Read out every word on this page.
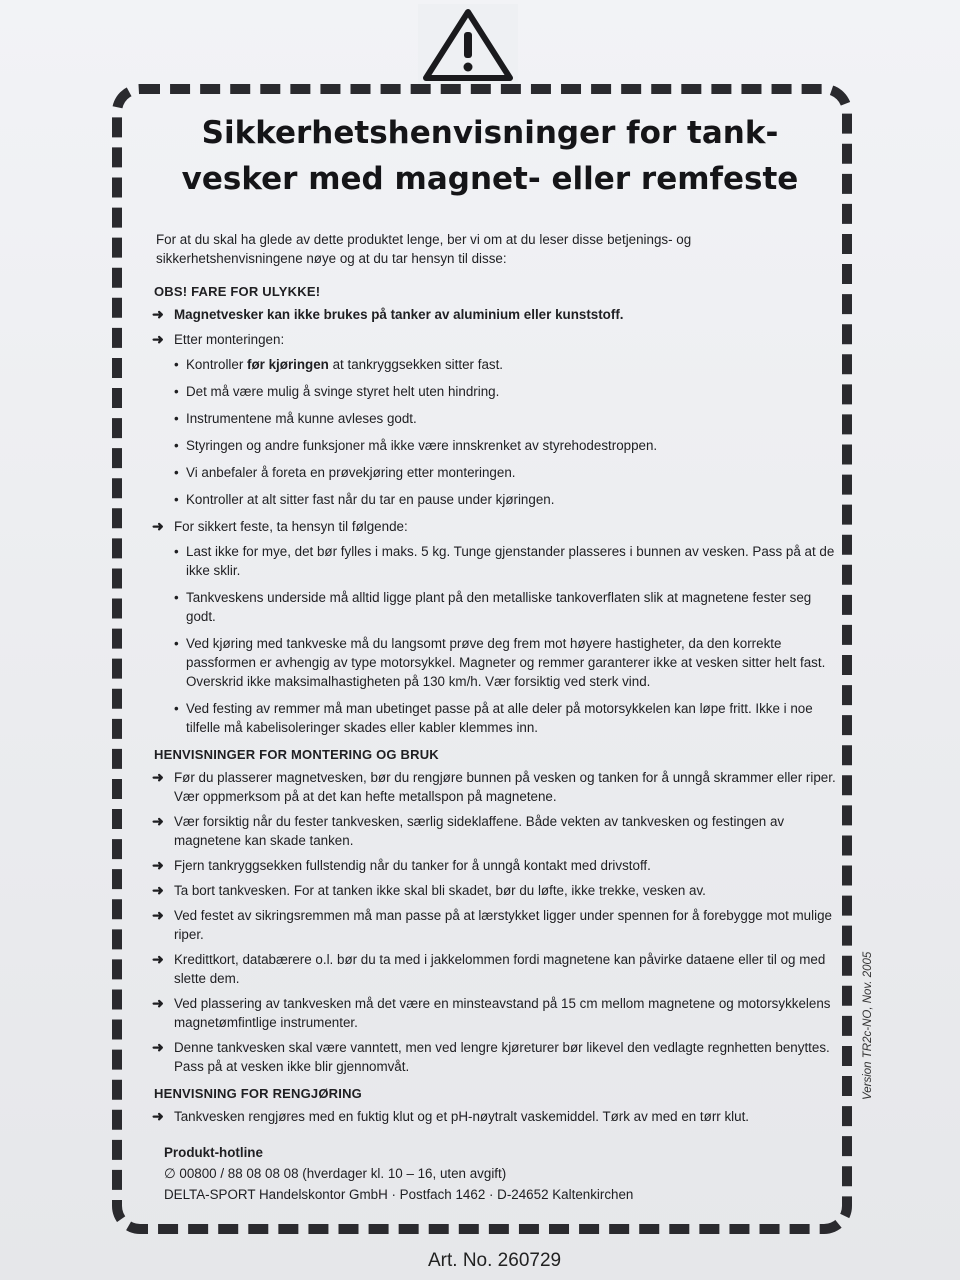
Sikkerhetshenvisninger for tank-
vesker med magnet- eller remfeste

For at du skal ha glede av dette produktet lenge, ber vi om at du leser disse betjenings- og sikkerhetshenvisningene nøye og at du tar hensyn til disse:

OBS! FARE FOR ULYKKE!
➜ Magnetvesker kan ikke brukes på tanker av aluminium eller kunststoff.
➜ Etter monteringen:
• Kontroller før kjøringen at tankryggsekken sitter fast.
• Det må være mulig å svinge styret helt uten hindring.
• Instrumentene må kunne avleses godt.
• Styringen og andre funksjoner må ikke være innskrenket av styrehodestroppen.
• Vi anbefaler å foreta en prøvekjøring etter monteringen.
• Kontroller at alt sitter fast når du tar en pause under kjøringen.
➜ For sikkert feste, ta hensyn til følgende:
• Last ikke for mye, det bør fylles i maks. 5 kg. Tunge gjenstander plasseres i bunnen av vesken. Pass på at de ikke sklir.
• Tankveskens underside må alltid ligge plant på den metalliske tankoverflaten slik at magnetene fester seg godt.
• Ved kjøring med tankveske må du langsomt prøve deg frem mot høyere hastigheter, da den korrekte passformen er avhengig av type motorsykkel. Magneter og remmer garanterer ikke at vesken sitter helt fast. Overskrid ikke maksimalhastigheten på 130 km/h. Vær forsiktig ved sterk vind.
• Ved festing av remmer må man ubetinget passe på at alle deler på motorsykkelen kan løpe fritt. Ikke i noe tilfelle må kabelisoleringer skades eller kabler klemmes inn.
HENVISNINGER FOR MONTERING OG BRUK
➜ Før du plasserer magnetvesken, bør du rengjøre bunnen på vesken og tanken for å unngå skrammer eller riper. Vær oppmerksom på at det kan hefte metallspon på magnetene.
➜ Vær forsiktig når du fester tankvesken, særlig sideklaffene. Både vekten av tankvesken og festingen av magnetene kan skade tanken.
➜ Fjern tankryggsekken fullstendig når du tanker for å unngå kontakt med drivstoff.
➜ Ta bort tankvesken. For at tanken ikke skal bli skadet, bør du løfte, ikke trekke, vesken av.
➜ Ved festet av sikringsremmen må man passe på at lærstykket ligger under spennen for å forebygge mot mulige riper.
➜ Kredittkort, databærere o.l. bør du ta med i jakkelommen fordi magnetene kan påvirke dataene eller til og med slette dem.
➜ Ved plassering av tankvesken må det være en minsteavstand på 15 cm mellom magnetene og motorsykkelens magnetømfintlige instrumenter.
➜ Denne tankvesken skal være vanntett, men ved lengre kjøreturer bør likevel den vedlagte regnhetten benyttes. Pass på at vesken ikke blir gjennomvåt.
HENVISNING FOR RENGJØRING
➜ Tankvesken rengjøres med en fuktig klut og et pH-nøytralt vaskemiddel. Tørk av med en tørr klut.
Produkt-hotline
∅ 00800 / 88 08 08 08 (hverdager kl. 10 – 16, uten avgift)
DELTA-SPORT Handelskontor GmbH · Postfach 1462 · D-24652 Kaltenkirchen
Version TR2c-NO, Nov. 2005
Art. No. 260729
